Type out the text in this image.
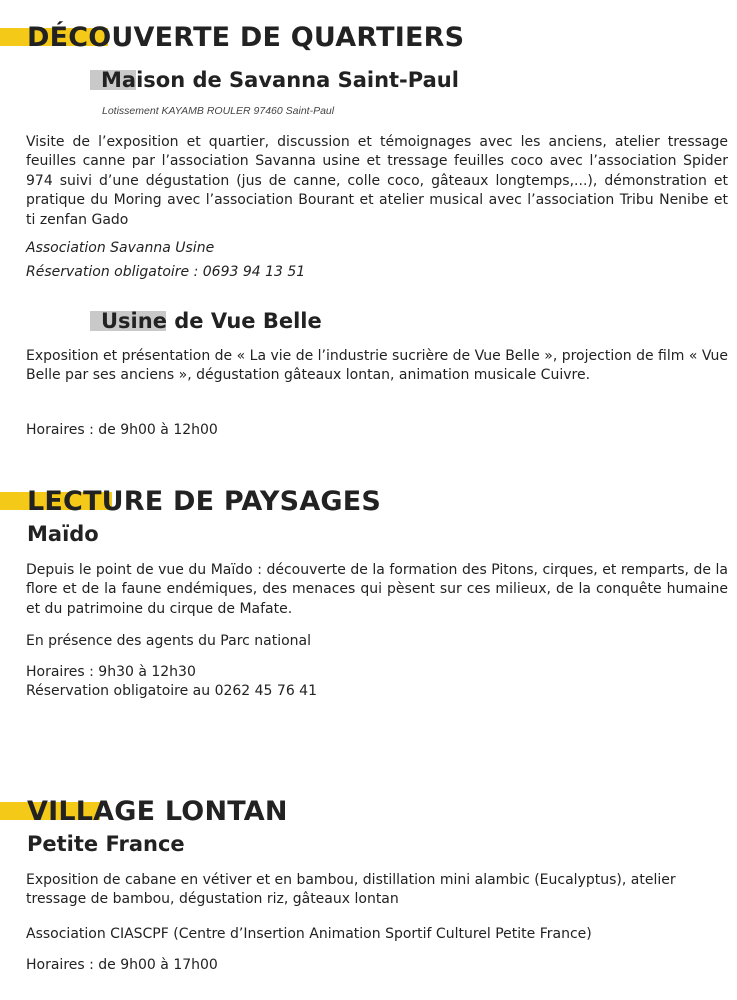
DÉCOUVERTE DE QUARTIERS
Maison de Savanna Saint-Paul

Lotissement KAYAMB ROULER 97460 Saint-Paul

Visite de l’exposition et quartier, discussion et témoignages avec les anciens, atelier tressage feuilles canne par l’association Savanna usine et tressage feuilles coco avec l’association Spider 974 suivi d’une dégustation (jus de canne, colle coco, gâteaux longtemps,...), démonstration et pratique du Moring avec l’association Bourant et atelier musical avec l’association Tribu Nenibe et ti zenfan Gado

Association Savanna Usine

Réservation obligatoire : 0693 94 13 51

Usine de Vue Belle

Exposition et présentation de « La vie de l’industrie sucrière de Vue Belle », projection de film « Vue Belle par ses anciens », dégustation gâteaux lontan, animation musicale Cuivre.

Horaires : de 9h00 à 12h00

LECTURE DE PAYSAGES
Maïdo

Depuis le point de vue du Maïdo : découverte de la formation des Pitons, cirques, et remparts, de la flore et de la faune endémiques, des menaces qui pèsent sur ces milieux, de la conquête humaine et du patrimoine du cirque de Mafate.

En présence des agents du Parc national

Horaires : 9h30 à 12h30

Réservation obligatoire au 0262 45 76 41

VILLAGE LONTAN
Petite France

Exposition de cabane en vétiver et en bambou, distillation mini alambic (Eucalyptus), atelier tressage de bambou, dégustation riz, gâteaux lontan

Association CIASCPF (Centre d’Insertion Animation Sportif Culturel Petite France)

Horaires : de 9h00 à 17h00
